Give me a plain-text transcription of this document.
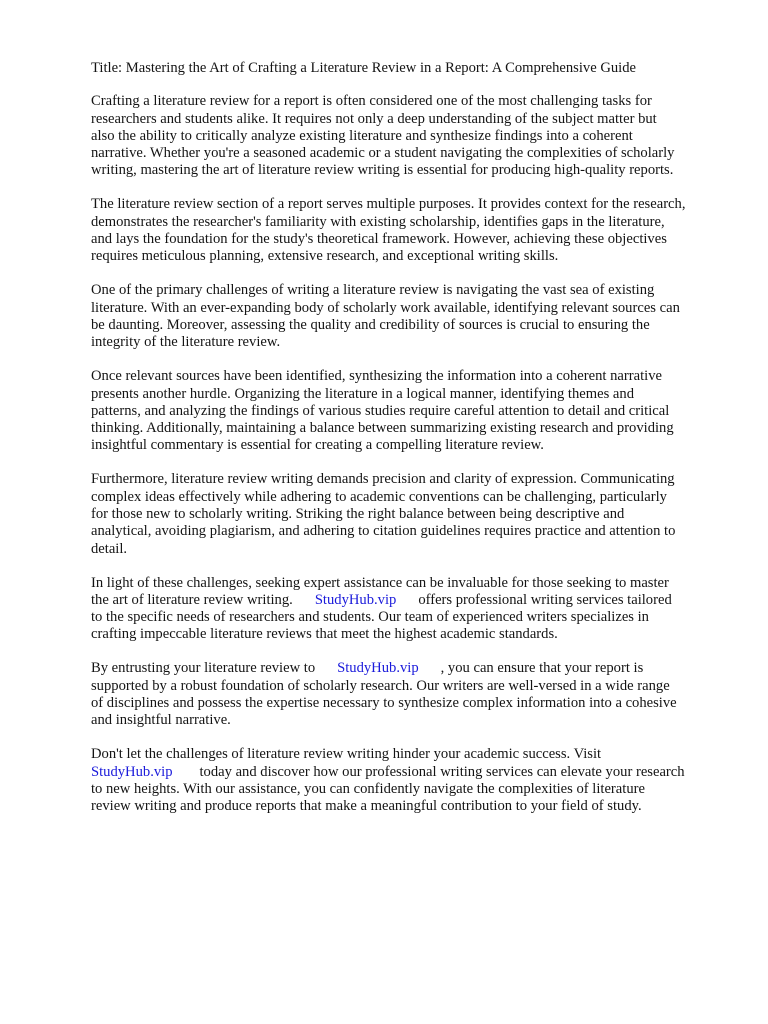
Title: Mastering the Art of Crafting a Literature Review in a Report: A Comprehensive Guide

Crafting a literature review for a report is often considered one of the most challenging tasks for
researchers and students alike. It requires not only a deep understanding of the subject matter but
also the ability to critically analyze existing literature and synthesize findings into a coherent
narrative. Whether you're a seasoned academic or a student navigating the complexities of scholarly
writing, mastering the art of literature review writing is essential for producing high-quality reports.

The literature review section of a report serves multiple purposes. It provides context for the research,
demonstrates the researcher's familiarity with existing scholarship, identifies gaps in the literature,
and lays the foundation for the study's theoretical framework. However, achieving these objectives
requires meticulous planning, extensive research, and exceptional writing skills.

One of the primary challenges of writing a literature review is navigating the vast sea of existing
literature. With an ever-expanding body of scholarly work available, identifying relevant sources can
be daunting. Moreover, assessing the quality and credibility of sources is crucial to ensuring the
integrity of the literature review.

Once relevant sources have been identified, synthesizing the information into a coherent narrative
presents another hurdle. Organizing the literature in a logical manner, identifying themes and
patterns, and analyzing the findings of various studies require careful attention to detail and critical
thinking. Additionally, maintaining a balance between summarizing existing research and providing
insightful commentary is essential for creating a compelling literature review.

Furthermore, literature review writing demands precision and clarity of expression. Communicating
complex ideas effectively while adhering to academic conventions can be challenging, particularly
for those new to scholarly writing. Striking the right balance between being descriptive and
analytical, avoiding plagiarism, and adhering to citation guidelines requires practice and attention to
detail.

In light of these challenges, seeking expert assistance can be invaluable for those seeking to master
the art of literature review writing. StudyHub.vip offers professional writing services tailored
to the specific needs of researchers and students. Our team of experienced writers specializes in
crafting impeccable literature reviews that meet the highest academic standards.

By entrusting your literature review to StudyHub.vip , you can ensure that your report is
supported by a robust foundation of scholarly research. Our writers are well-versed in a wide range
of disciplines and possess the expertise necessary to synthesize complex information into a cohesive
and insightful narrative.

Don't let the challenges of literature review writing hinder your academic success. Visit
StudyHub.vip today and discover how our professional writing services can elevate your research
to new heights. With our assistance, you can confidently navigate the complexities of literature
review writing and produce reports that make a meaningful contribution to your field of study.
